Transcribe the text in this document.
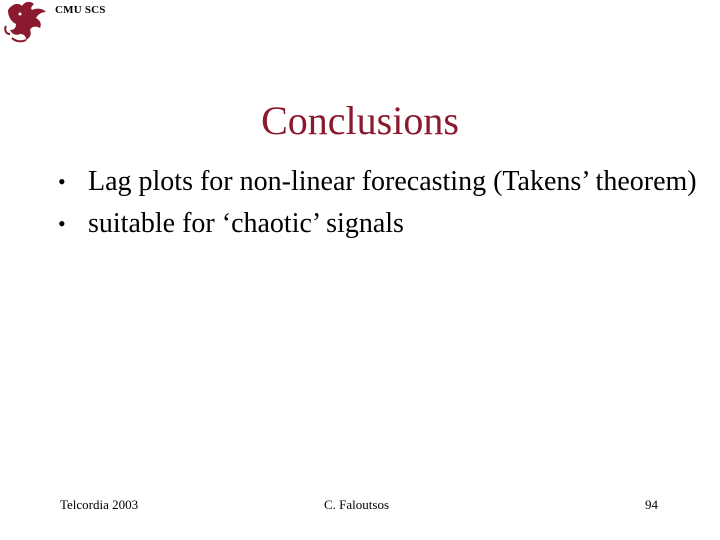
CMU SCS
Conclusions
• Lag plots for non-linear forecasting (Takens’ theorem)
• suitable for ‘chaotic’ signals
Telcordia 2003	C. Faloutsos	94
